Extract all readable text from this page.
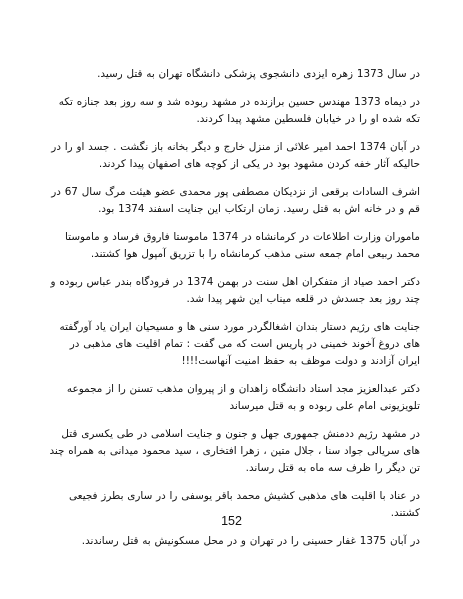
در سال 1373 زهره ایزدی دانشجوی پزشکی دانشگاه تهران به قتل رسید.

در دیماه 1373 مهندس حسین برازنده در مشهد ربوده شد و سه روز بعد جنازه تکه تکه شده او را در خیابان فلسطین مشهد پیدا کردند.

در آبان 1374 احمد امیر علائی از منزل خارج و دیگر بخانه باز نگشت . جسد او را در حالیکه آثار خفه کردن مشهود بود در یکی از کوچه های اصفهان پیدا کردند.

اشرف السادات برقعی از نزدیکان مصطفی پور محمدی عضو هیئت مرگ سال 67 در قم و در خانه اش به قتل رسید. زمان ارتکاب این جنایت اسفند 1374 بود.

ماموران وزارت اطلاعات در کرمانشاه در 1374 ماموستا فاروق فرساد و ماموستا محمد ربیعی امام جمعه سنی مذهب کرمانشاه را با تزریق آمپول هوا کشتند.

دکتر احمد صیاد از متفکران اهل سنت در بهمن 1374 در فرودگاه بندر عباس ربوده و چند روز بعد جسدش در قلعه میناب این شهر پیدا شد.

جنایت های رژیم دستار بندان اشغالگردر مورد سنی ها و مسیحیان ایران یاد آورگفته های دروغ آخوند خمینی در پاریس است که می گفت : تمام اقلیت های مذهبی در ایران آزادند و دولت موظف به حفظ امنیت آنهاست!!!!

دکتر عبدالعزیز مجد استاد دانشگاه زاهدان و از پیروان مذهب تسنن را از مجموعه تلویزیونی امام علی ربوده و به قتل میرساند

در مشهد رژیم ددمنش جمهوری جهل و جنون و جنایت اسلامی در طی یکسری قتل های سریالی جواد سنا ، جلال متین ، زهرا افتخاری ، سید محمود میدانی به همراه چند تن دیگر را ظرف سه ماه به قتل رساند.

در عناد با اقلیت های مذهبی کشیش محمد باقر یوسفی را در ساری بطرز فجیعی کشتند.

در آبان 1375 غفار حسینی را در تهران و در محل مسکونیش به قتل رساندند.

152
